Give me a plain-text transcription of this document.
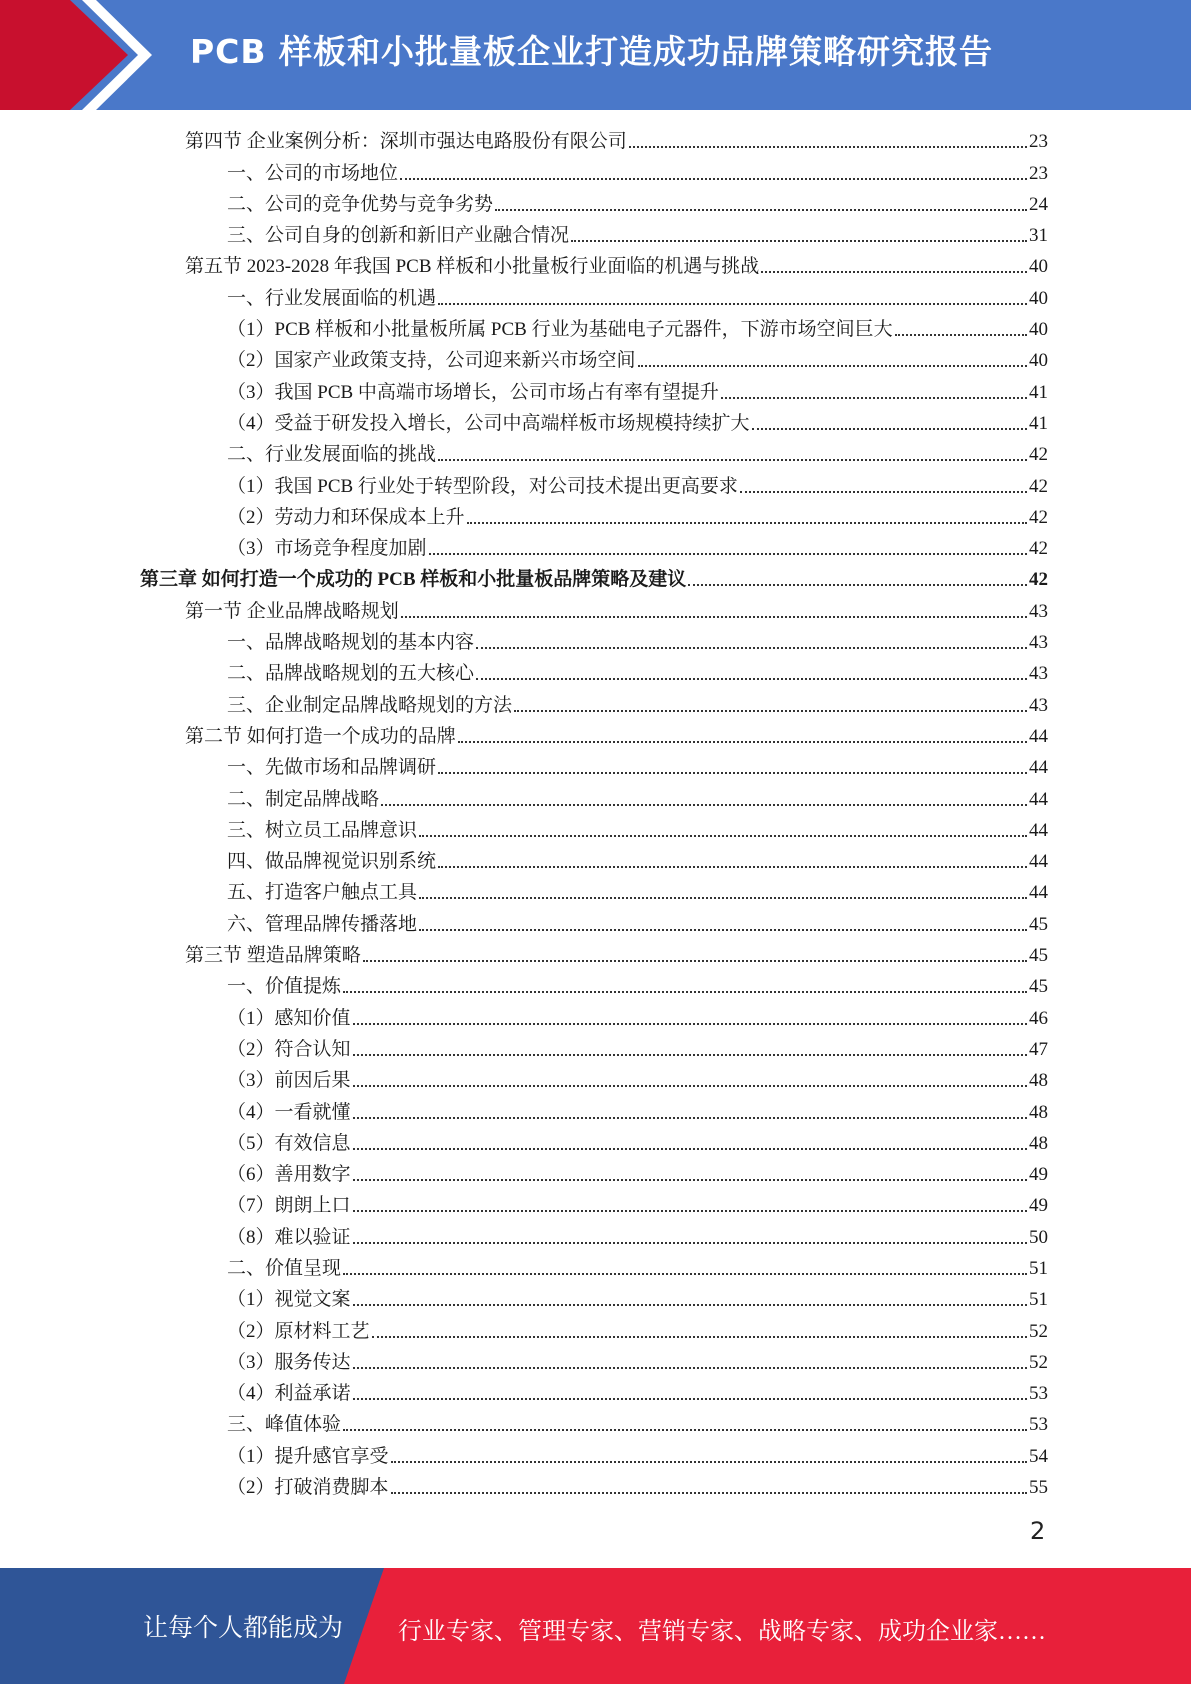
PCB 样板和小批量板企业打造成功品牌策略研究报告
第四节 企业案例分析：深圳市强达电路股份有限公司	23
一、公司的市场地位	23
二、公司的竞争优势与竞争劣势	24
三、公司自身的创新和新旧产业融合情况	31
第五节 2023-2028 年我国 PCB 样板和小批量板行业面临的机遇与挑战	40
一、行业发展面临的机遇	40
（1）PCB 样板和小批量板所属 PCB 行业为基础电子元器件，下游市场空间巨大	40
（2）国家产业政策支持，公司迎来新兴市场空间	40
（3）我国 PCB 中高端市场增长，公司市场占有率有望提升	41
（4）受益于研发投入增长，公司中高端样板市场规模持续扩大	41
二、行业发展面临的挑战	42
（1）我国 PCB 行业处于转型阶段，对公司技术提出更高要求	42
（2）劳动力和环保成本上升	42
（3）市场竞争程度加剧	42
第三章 如何打造一个成功的 PCB 样板和小批量板品牌策略及建议	42
第一节 企业品牌战略规划	43
一、品牌战略规划的基本内容	43
二、品牌战略规划的五大核心	43
三、企业制定品牌战略规划的方法	43
第二节 如何打造一个成功的品牌	44
一、先做市场和品牌调研	44
二、制定品牌战略	44
三、树立员工品牌意识	44
四、做品牌视觉识别系统	44
五、打造客户触点工具	44
六、管理品牌传播落地	45
第三节 塑造品牌策略	45
一、价值提炼	45
（1）感知价值	46
（2）符合认知	47
（3）前因后果	48
（4）一看就懂	48
（5）有效信息	48
（6）善用数字	49
（7）朗朗上口	49
（8）难以验证	50
二、价值呈现	51
（1）视觉文案	51
（2）原材料工艺	52
（3）服务传达	52
（4）利益承诺	53
三、峰值体验	53
（1）提升感官享受	54
（2）打破消费脚本	55
2
让每个人都能成为 行业专家、管理专家、营销专家、战略专家、成功企业家……
